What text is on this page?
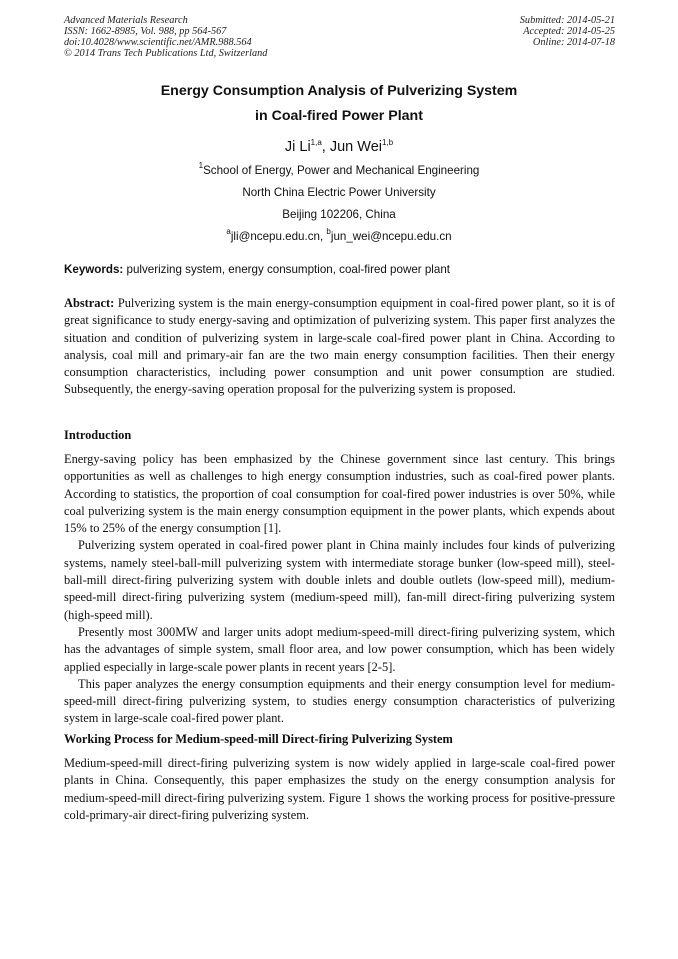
Advanced Materials Research
ISSN: 1662-8985, Vol. 988, pp 564-567
doi:10.4028/www.scientific.net/AMR.988.564
© 2014 Trans Tech Publications Ltd, Switzerland
Submitted: 2014-05-21
Accepted: 2014-05-25
Online: 2014-07-18
Energy Consumption Analysis of Pulverizing System
in Coal-fired Power Plant
Ji Li$^{1,a}$, Jun Wei$^{1,b}$
$^1$School of Energy, Power and Mechanical Engineering
North China Electric Power University
Beijing 102206, China
$^a$jli@ncepu.edu.cn, $^b$jun_wei@ncepu.edu.cn
Keywords: pulverizing system, energy consumption, coal-fired power plant
Abstract: Pulverizing system is the main energy-consumption equipment in coal-fired power plant, so it is of great significance to study energy-saving and optimization of pulverizing system. This paper first analyzes the situation and condition of pulverizing system in large-scale coal-fired power plant in China. According to analysis, coal mill and primary-air fan are the two main energy consumption facilities. Then their energy consumption characteristics, including power consumption and unit power consumption are studied. Subsequently, the energy-saving operation proposal for the pulverizing system is proposed.
Introduction

Energy-saving policy has been emphasized by the Chinese government since last century. This brings opportunities as well as challenges to high energy consumption industries, such as coal-fired power plants. According to statistics, the proportion of coal consumption for coal-fired power industries is over 50%, while coal pulverizing system is the main energy consumption equipment in the power plants, which expends about 15% to 25% of the energy consumption [1].

Pulverizing system operated in coal-fired power plant in China mainly includes four kinds of pulverizing systems, namely steel-ball-mill pulverizing system with intermediate storage bunker (low-speed mill), steel-ball-mill direct-firing pulverizing system with double inlets and double outlets (low-speed mill), medium-speed-mill direct-firing pulverizing system (medium-speed mill), fan-mill direct-firing pulverizing system (high-speed mill).

Presently most 300MW and larger units adopt medium-speed-mill direct-firing pulverizing system, which has the advantages of simple system, small floor area, and low power consumption, which has been widely applied especially in large-scale power plants in recent years [2-5].

This paper analyzes the energy consumption equipments and their energy consumption level for medium-speed-mill direct-firing pulverizing system, to studies energy consumption characteristics of pulverizing system in large-scale coal-fired power plant.

Working Process for Medium-speed-mill Direct-firing Pulverizing System
Medium-speed-mill direct-firing pulverizing system is now widely applied in large-scale coal-fired power plants in China. Consequently, this paper emphasizes the study on the energy consumption analysis for medium-speed-mill direct-firing pulverizing system. Figure 1 shows the working process for positive-pressure cold-primary-air direct-firing pulverizing system.
